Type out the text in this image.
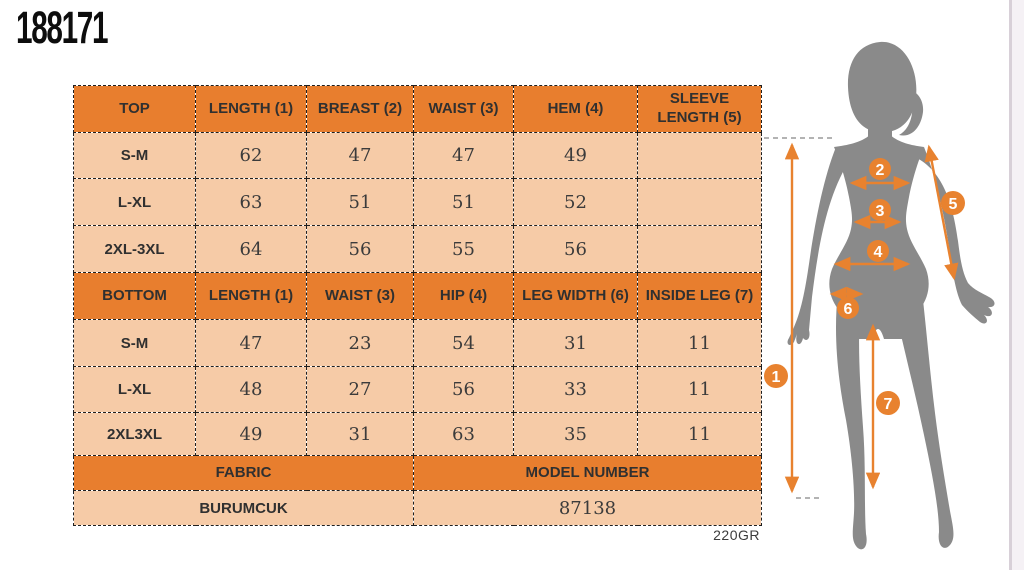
188171
TOP	LENGTH (1)	BREAST (2)	WAIST (3)	HEM (4)	SLEEVE LENGTH (5)
S-M	62	47	47	49	
L-XL	63	51	51	52	
2XL-3XL	64	56	55	56	
BOTTOM	LENGTH (1)	WAIST (3)	HIP (4)	LEG WIDTH (6)	INSIDE LEG (7)
S-M	47	23	54	31	11
L-XL	48	27	56	33	11
2XL3XL	49	31	63	35	11
FABRIC			MODEL NUMBER		
BURUMCUK			87138		
220GR
1
2
3
4
5
6
7
